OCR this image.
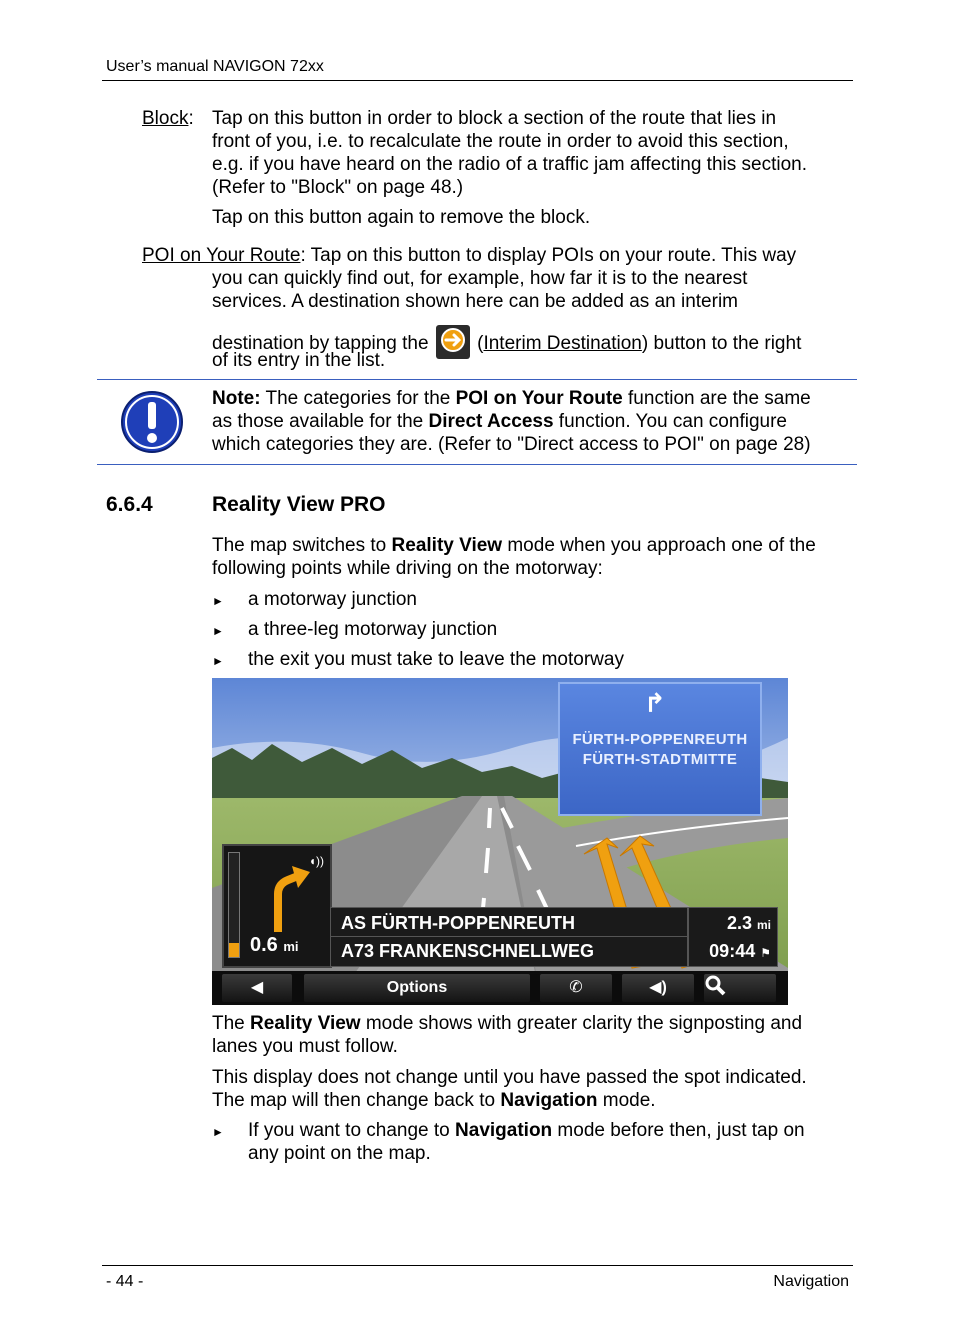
User’s manual NAVIGON 72xx
Block: Tap on this button in order to block a section of the route that lies in
front of you, i.e. to recalculate the route in order to avoid this section,
e.g. if you have heard on the radio of a traffic jam affecting this section.
(Refer to "Block" on page 48.)
Tap on this button again to remove the block.
POI on Your Route: Tap on this button to display POIs on your route. This way
you can quickly find out, for example, how far it is to the nearest
services. A destination shown here can be added as an interim
destination by tapping the	(Interim Destination) button to the right
of its entry in the list.
Note: The categories for the POI on Your Route function are the same
as those available for the Direct Access function. You can configure
which categories they are. (Refer to "Direct access to POI" on page 28)
6.6.4	Reality View PRO
The map switches to Reality View mode when you approach one of the
following points while driving on the motorway:
► a motorway junction
► a three-leg motorway junction
► the exit you must take to leave the motorway
↱
FÜRTH-POPPENREUTH
FÜRTH-STADTMITTE
◖))
0.6 mi
AS FÜRTH-POPPENREUTH
A73 FRANKENSCHNELLWEG
2.3 mi
09:44 ⚑
◀	Options	✆	◀)
The Reality View mode shows with greater clarity the signposting and
lanes you must follow.
This display does not change until you have passed the spot indicated.
The map will then change back to Navigation mode.
► If you want to change to Navigation mode before then, just tap on
any point on the map.
- 44 -	Navigation
